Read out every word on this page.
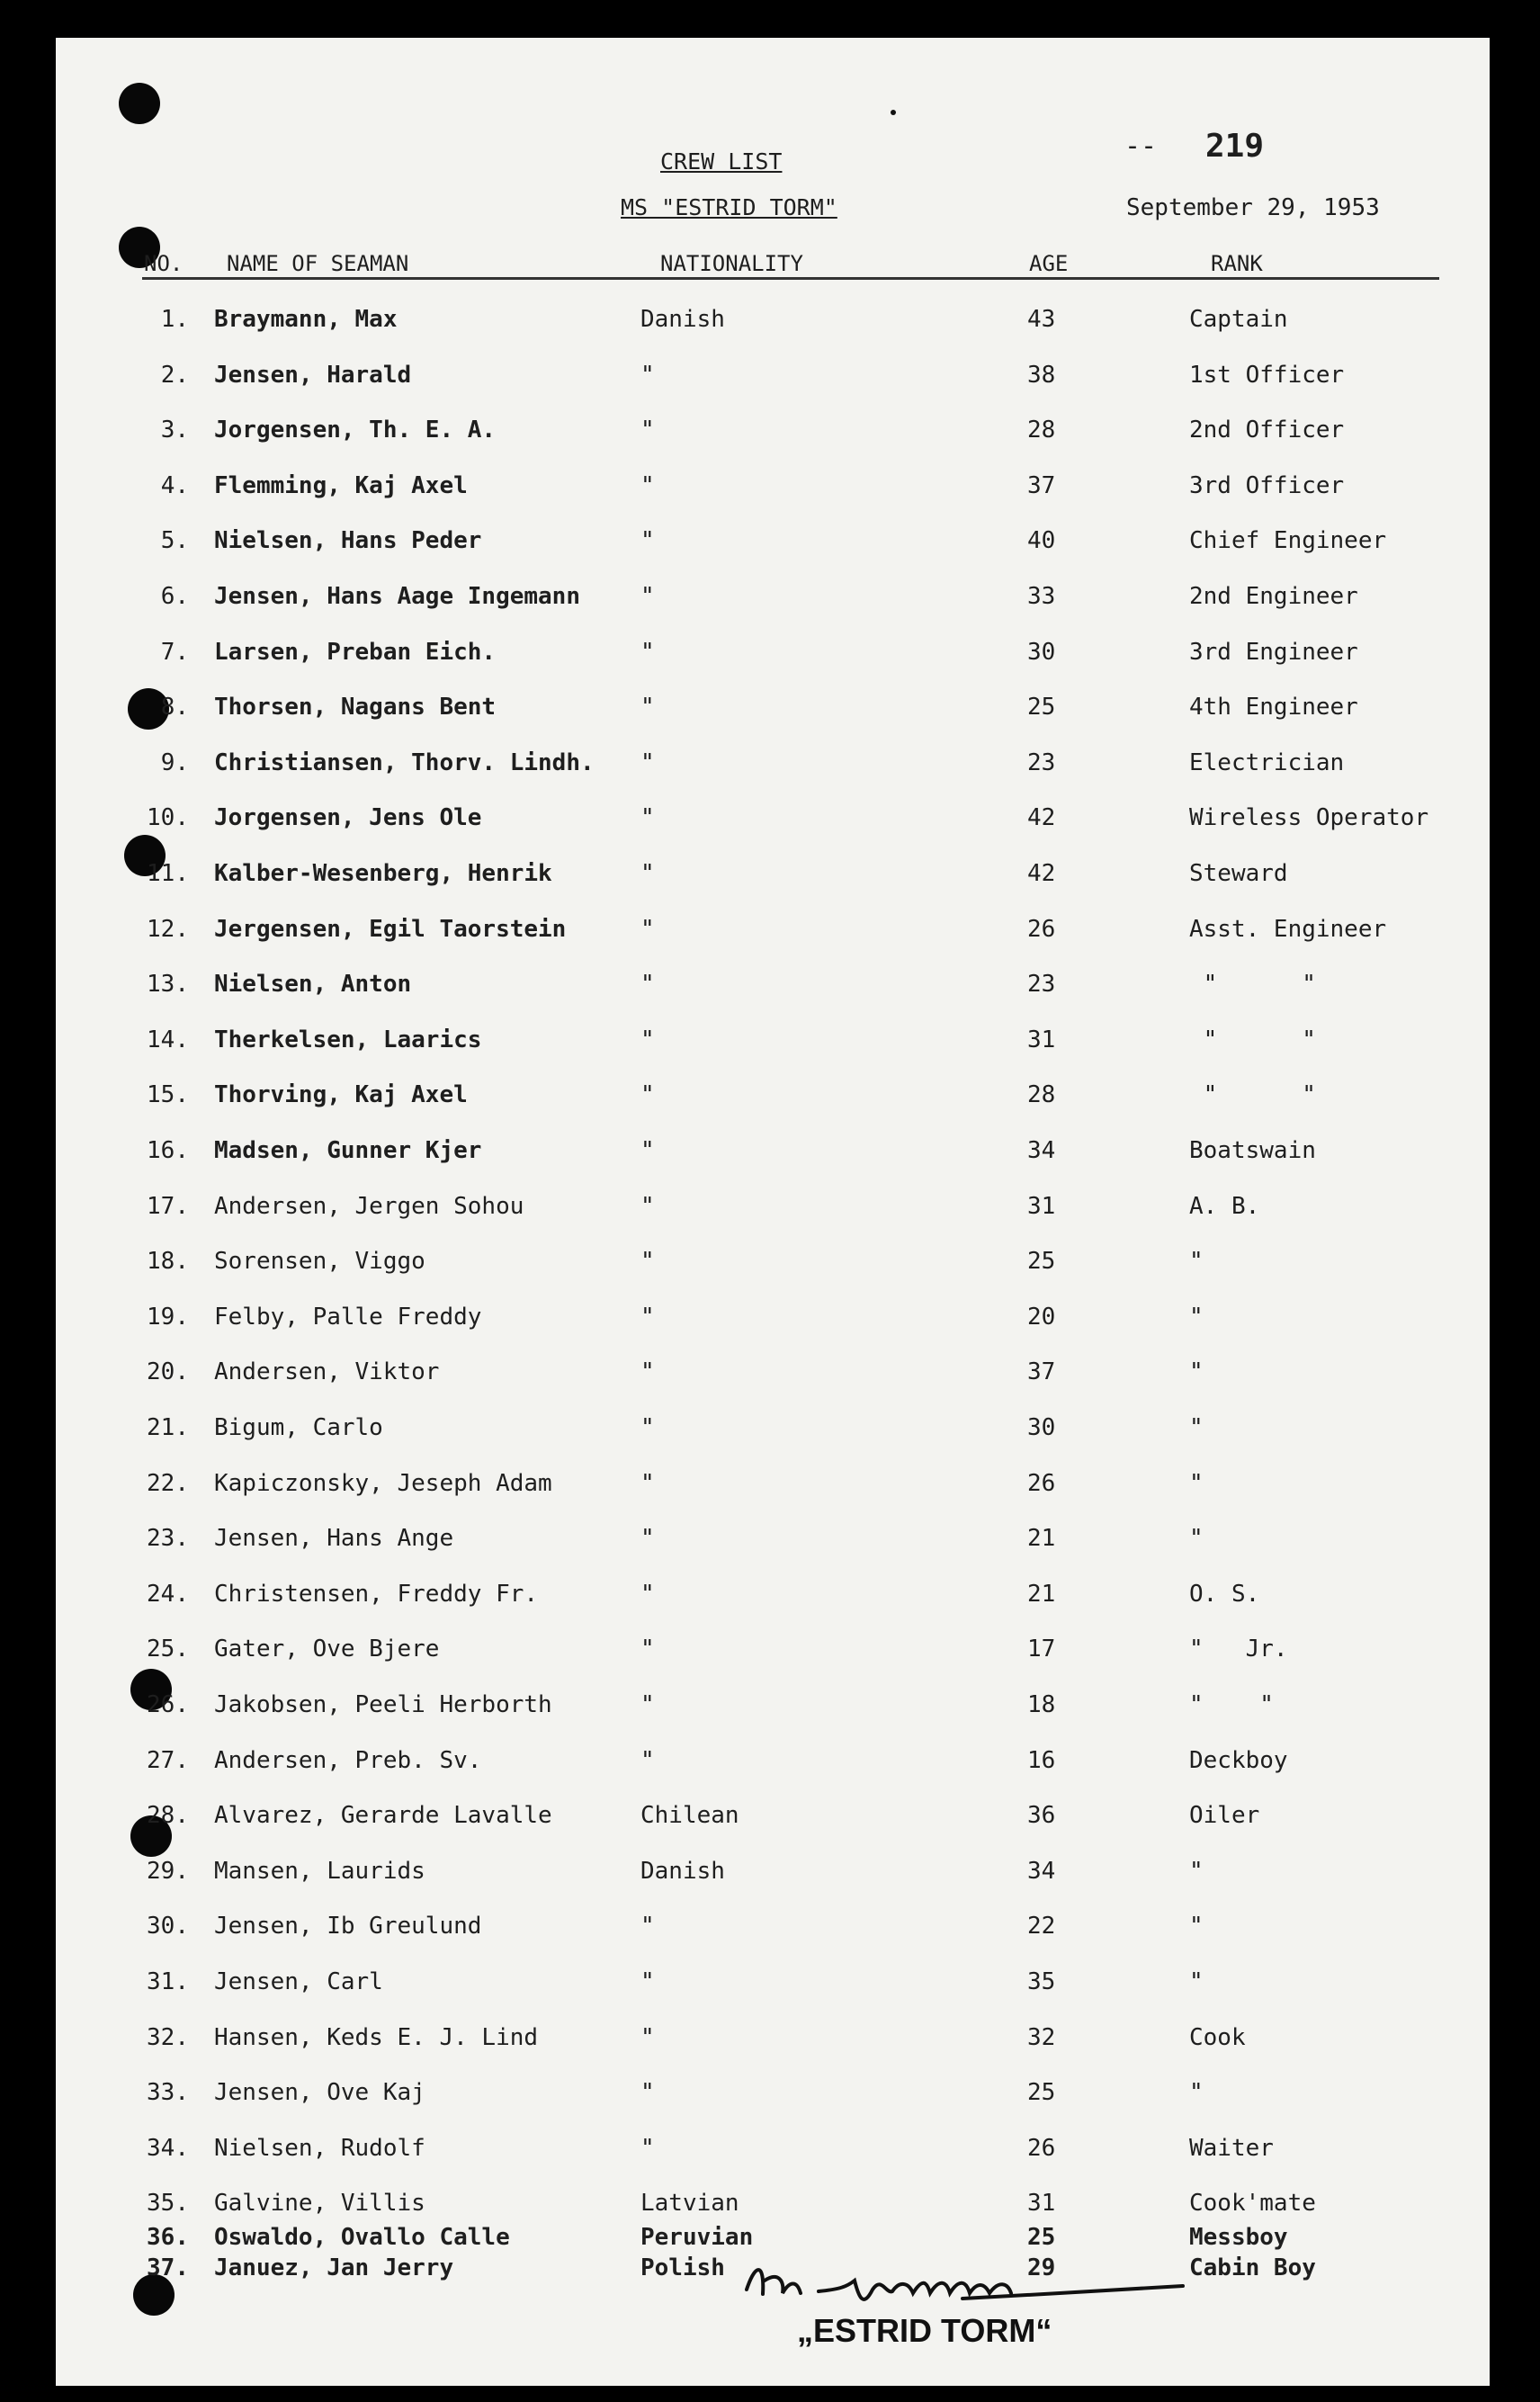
-- 219
CREW LIST
MS "ESTRID TORM"	September 29, 1953
NO. NAME OF SEAMAN	NATIONALITY	AGE	RANK
1. Braymann, Max	Danish	43	Captain
2. Jensen, Harald	"	38	1st Officer
3. Jorgensen, Th. E. A.	"	28	2nd Officer
4. Flemming, Kaj Axel	"	37	3rd Officer
5. Nielsen, Hans Peder	"	40	Chief Engineer
6. Jensen, Hans Aage Ingemann	"	33	2nd Engineer
7. Larsen, Preban Eich.	"	30	3rd Engineer
8. Thorsen, Nagans Bent	"	25	4th Engineer
9. Christiansen, Thorv. Lindh. "	23	Electrician
10. Jorgensen, Jens Ole	"	42	Wireless Operator
11. Kalber-Wesenberg, Henrik	"	42	Steward
12. Jergensen, Egil Taorstein	"	26	Asst. Engineer
13. Nielsen, Anton	"	23	"      "
14. Therkelsen, Laarics	"	31	"      "
15. Thorving, Kaj Axel	"	28	"      "
16. Madsen, Gunner Kjer	"	34	Boatswain
17. Andersen, Jergen Sohou	"	31	A. B.
18. Sorensen, Viggo	"	25	"
19. Felby, Palle Freddy	"	20	"
20. Andersen, Viktor	"	37	"
21. Bigum, Carlo	"	30	"
22. Kapiczonsky, Jeseph Adam	"	26	"
23. Jensen, Hans Ange	"	21	"
24. Christensen, Freddy Fr.	"	21	O. S.
25. Gater, Ove Bjere	"	17	"   Jr.
26. Jakobsen, Peeli Herborth	"	18	"    "
27. Andersen, Preb. Sv.	"	16	Deckboy
28. Alvarez, Gerarde Lavalle	Chilean	36	Oiler
29. Mansen, Laurids	Danish	34	"
30. Jensen, Ib Greulund	"	22	"
31. Jensen, Carl	"	35	"
32. Hansen, Keds E. J. Lind	"	32	Cook
33. Jensen, Ove Kaj	"	25	"
34. Nielsen, Rudolf	"	26	Waiter
35. Galvine, Villis	Latvian	31	Cook'mate
36. Oswaldo, Ovallo Calle	Peruvian	25	Messboy
37. Januez, Jan Jerry	Polish	29	Cabin Boy
„ESTRID TORM“
